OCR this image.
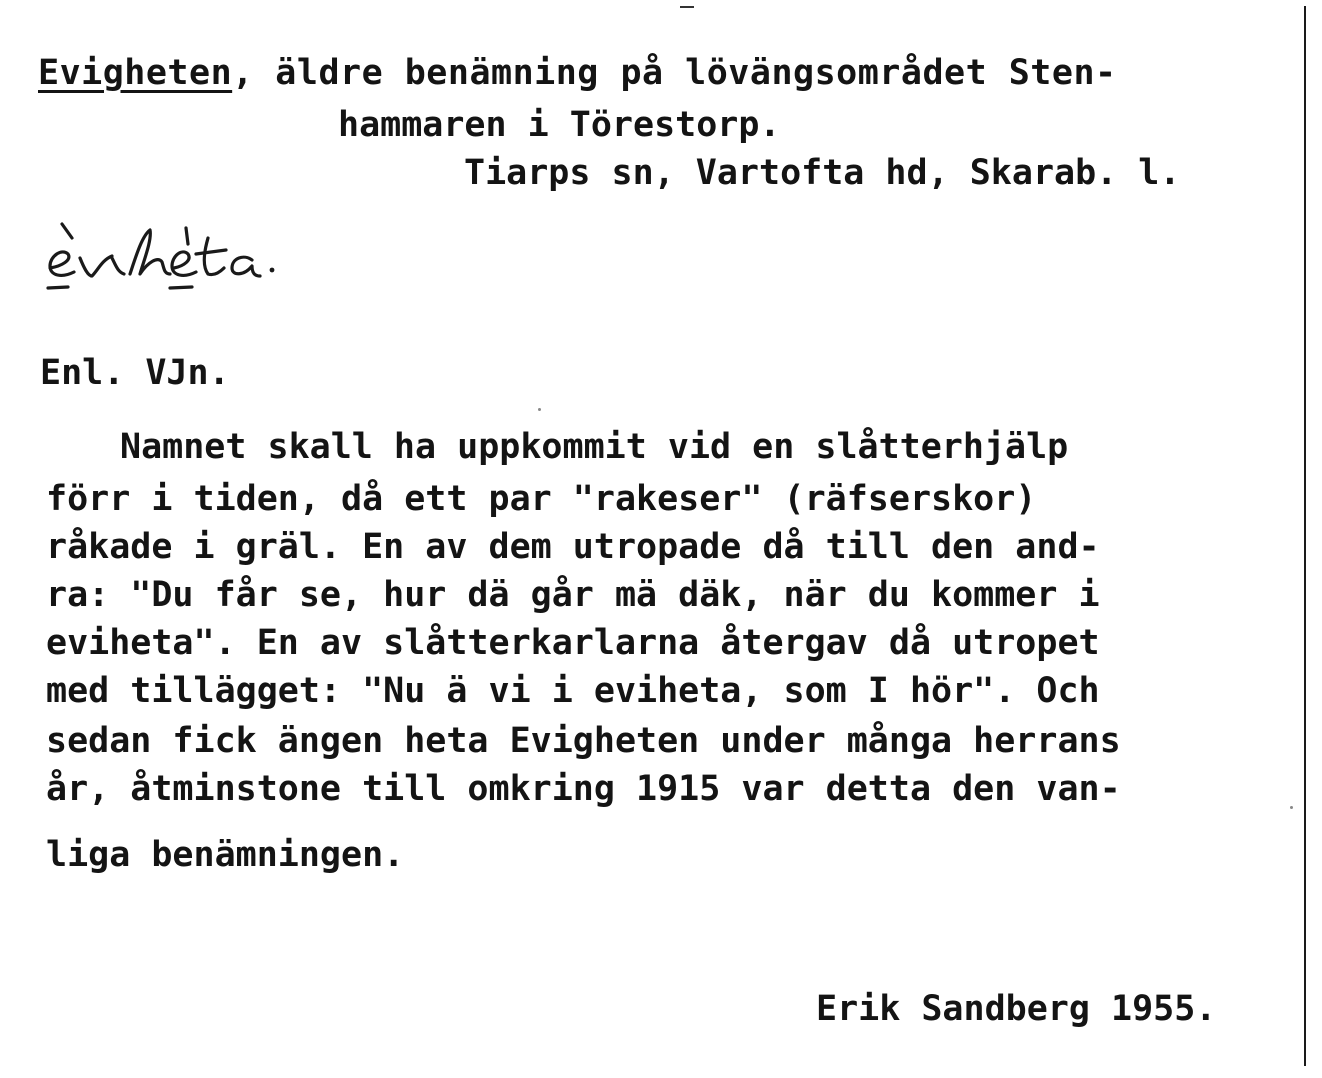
Evigheten, äldre benämning på lövängsområdet Sten-
hammaren i Törestorp.
Tiarps sn, Vartofta hd, Skarab. l.
Enl. VJn.
Namnet skall ha uppkommit vid en slåtterhjälp
förr i tiden, då ett par "rakeser" (räfserskor)
råkade i gräl. En av dem utropade då till den and-
ra: "Du får se, hur dä går mä däk, när du kommer i
eviheta". En av slåtterkarlarna återgav då utropet
med tillägget: "Nu ä vi i eviheta, som I hör". Och
sedan fick ängen heta Evigheten under många herrans
år, åtminstone till omkring 1915 var detta den van-
liga benämningen.
Erik Sandberg 1955.
